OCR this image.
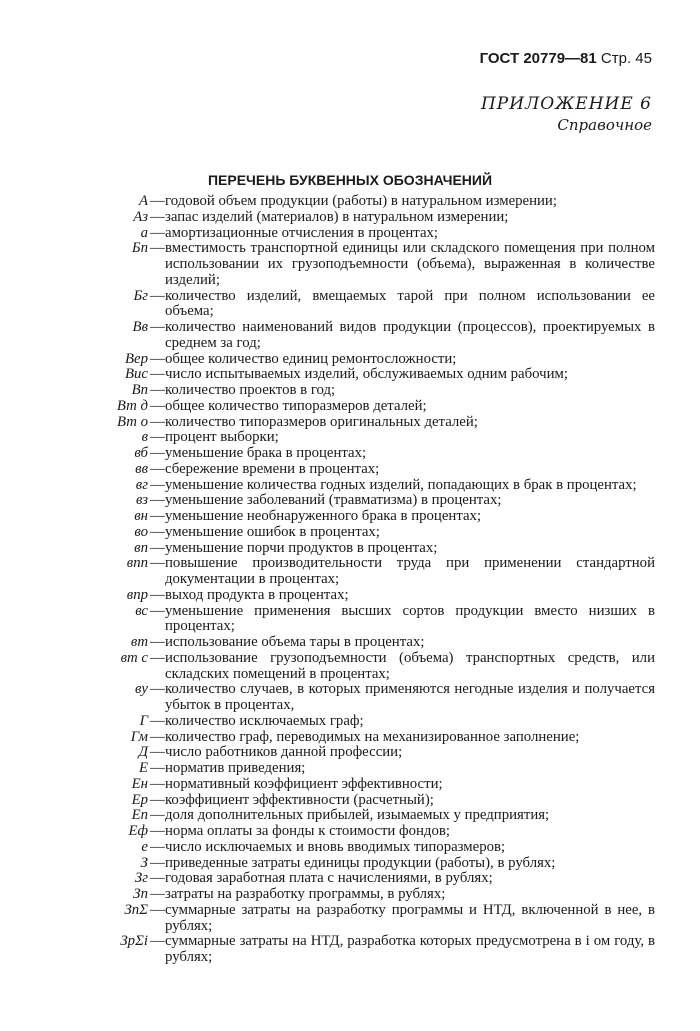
ГОСТ 20779—81 Стр. 45
ПРИЛОЖЕНИЕ 6
Справочное
ПЕРЕЧЕНЬ БУКВЕННЫХ ОБОЗНАЧЕНИЙ
A — годовой объем продукции (работы) в натуральном измерении;
Aз — запас изделий (материалов) в натуральном измерении;
a — амортизационные отчисления в процентах;
Бп — вместимость транспортной единицы или складского помещения при полном использовании их грузоподъемности (объема), выраженная в количестве изделий;
Бг — количество изделий, вмещаемых тарой при полном использовании ее объема;
Вв — количество наименований видов продукции (процессов), проектируемых в среднем за год;
Вер — общее количество единиц ремонтосложности;
Вис — число испытываемых изделий, обслуживаемых одним рабочим;
Вп — количество проектов в год;
Вт д — общее количество типоразмеров деталей;
Вт о — количество типоразмеров оригинальных деталей;
в — процент выборки;
вб — уменьшение брака в процентах;
вв — сбережение времени в процентах;
вг — уменьшение количества годных изделий, попадающих в брак в процентах;
вз — уменьшение заболеваний (травматизма) в процентах;
вн — уменьшение необнаруженного брака в процентах;
во — уменьшение ошибок в процентах;
вп — уменьшение порчи продуктов в процентах;
впп — повышение производительности труда при применении стандартной документации в процентах;
впр — выход продукта в процентах;
вс — уменьшение применения высших сортов продукции вместо низших в процентах;
вт — использование объема тары в процентах;
вт с — использование грузоподъемности (объема) транспортных средств, или складских помещений в процентах;
ву — количество случаев, в которых применяются негодные изделия и получается убыток в процентах,
Г — количество исключаемых граф;
Гм — количество граф, переводимых на механизированное заполнение;
Д — число работников данной профессии;
Е — норматив приведения;
Ен — нормативный коэффициент эффективности;
Ер — коэффициент эффективности (расчетный);
Еп — доля дополнительных прибылей, изымаемых у предприятия;
Еф — норма оплаты за фонды к стоимости фондов;
е — число исключаемых и вновь вводимых типоразмеров;
З — приведенные затраты единицы продукции (работы), в рублях;
Зг — годовая заработная плата с начислениями, в рублях;
Зп — затраты на разработку программы, в рублях;
ЗпΣ — суммарные затраты на разработку программы и НТД, включенной в нее, в рублях;
ЗрΣi — суммарные затраты на НТД, разработка которых предусмотрена в i ом году, в рублях;
